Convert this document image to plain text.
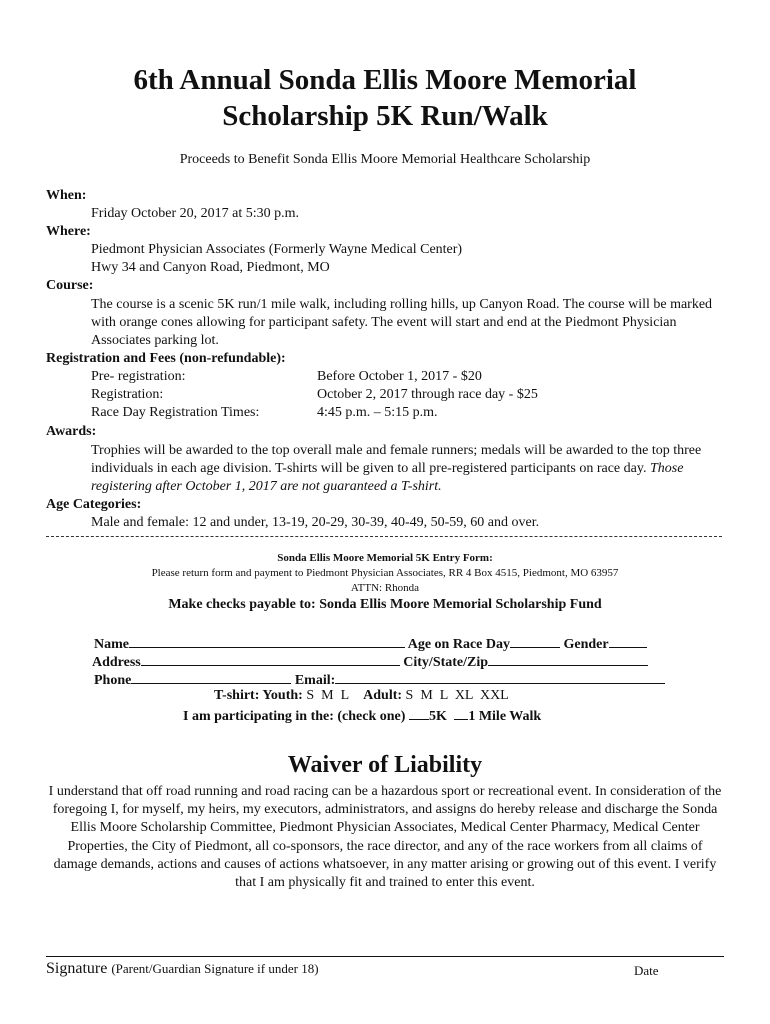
6th Annual Sonda Ellis Moore Memorial
Scholarship 5K Run/Walk
Proceeds to Benefit Sonda Ellis Moore Memorial Healthcare Scholarship
When:
Friday October 20, 2017 at 5:30 p.m.
Where:
Piedmont Physician Associates (Formerly Wayne Medical Center)
Hwy 34 and Canyon Road, Piedmont, MO
Course:
The course is a scenic 5K run/1 mile walk, including rolling hills, up Canyon Road. The course will be marked with orange cones allowing for participant safety. The event will start and end at the Piedmont Physician Associates parking lot.
Registration and Fees (non-refundable):
Pre- registration:	Before October 1, 2017 - $20
Registration:	October 2, 2017 through race day - $25
Race Day Registration Times:	4:45 p.m. – 5:15 p.m.
Awards:
Trophies will be awarded to the top overall male and female runners; medals will be awarded to the top three individuals in each age division. T-shirts will be given to all pre-registered participants on race day. Those registering after October 1, 2017 are not guaranteed a T-shirt.
Age Categories:
Male and female: 12 and under, 13-19, 20-29, 30-39, 40-49, 50-59, 60 and over.
Sonda Ellis Moore Memorial 5K Entry Form:
Please return form and payment to Piedmont Physician Associates, RR 4 Box 4515, Piedmont, MO 63957
ATTN: Rhonda
Make checks payable to: Sonda Ellis Moore Memorial Scholarship Fund
Name	Age on Race Day	Gender
Address	City/State/Zip
Phone	Email:
T-shirt: Youth: S  M  L Adult: S  M  L  XL  XXL
I am participating in the: (check one) 5K 1 Mile Walk
Waiver of Liability
I understand that off road running and road racing can be a hazardous sport or recreational event. In consideration of the foregoing I, for myself, my heirs, my executors, administrators, and assigns do hereby release and discharge the Sonda Ellis Moore Scholarship Committee, Piedmont Physician Associates, Medical Center Pharmacy, Medical Center Properties, the City of Piedmont, all co-sponsors, the race director, and any of the race workers from all claims of damage demands, actions and causes of actions whatsoever, in any matter arising or growing out of this event. I verify that I am physically fit and trained to enter this event.
Signature (Parent/Guardian Signature if under 18)	Date
